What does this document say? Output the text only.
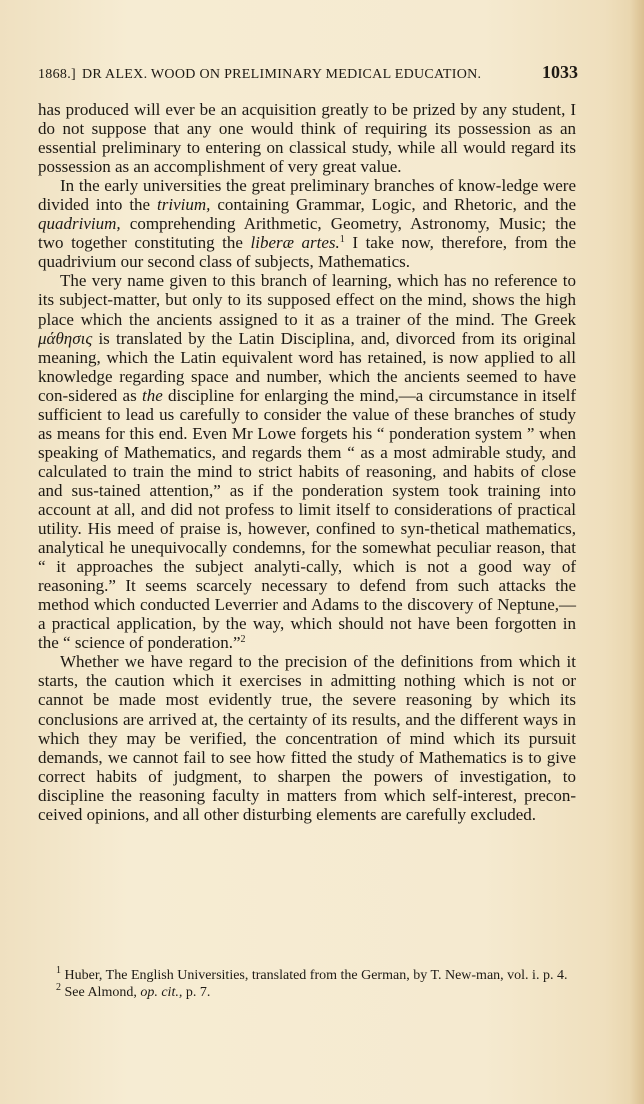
1868.] DR ALEX. WOOD ON PRELIMINARY MEDICAL EDUCATION.	1033

has produced will ever be an acquisition greatly to be prized by any student, I do not suppose that any one would think of requiring its possession as an essential preliminary to entering on classical study, while all would regard its possession as an accomplishment of very great value.

In the early universities the great preliminary branches of know-ledge were divided into the trivium, containing Grammar, Logic, and Rhetoric, and the quadrivium, comprehending Arithmetic, Geometry, Astronomy, Music; the two together constituting the liberæ artes.$^1$ I take now, therefore, from the quadrivium our second class of subjects, Mathematics.

The very name given to this branch of learning, which has no reference to its subject-matter, but only to its supposed effect on the mind, shows the high place which the ancients assigned to it as a trainer of the mind. The Greek μάθησις is translated by the Latin Disciplina, and, divorced from its original meaning, which the Latin equivalent word has retained, is now applied to all knowledge regarding space and number, which the ancients seemed to have con-sidered as the discipline for enlarging the mind,—a circumstance in itself sufficient to lead us carefully to consider the value of these branches of study as means for this end. Even Mr Lowe forgets his “ ponderation system ” when speaking of Mathematics, and regards them “ as a most admirable study, and calculated to train the mind to strict habits of reasoning, and habits of close and sus-tained attention,” as if the ponderation system took training into account at all, and did not profess to limit itself to considerations of practical utility. His meed of praise is, however, confined to syn-thetical mathematics, analytical he unequivocally condemns, for the somewhat peculiar reason, that “ it approaches the subject analyti-cally, which is not a good way of reasoning.” It seems scarcely necessary to defend from such attacks the method which conducted Leverrier and Adams to the discovery of Neptune,—a practical application, by the way, which should not have been forgotten in the “ science of ponderation.”$^2$

Whether we have regard to the precision of the definitions from which it starts, the caution which it exercises in admitting nothing which is not or cannot be made most evidently true, the severe reasoning by which its conclusions are arrived at, the certainty of its results, and the different ways in which they may be verified, the concentration of mind which its pursuit demands, we cannot fail to see how fitted the study of Mathematics is to give correct habits of judgment, to sharpen the powers of investigation, to discipline the reasoning faculty in matters from which self-interest, precon-ceived opinions, and all other disturbing elements are carefully excluded.

$^1$ Huber, The English Universities, translated from the German, by T. New-man, vol. i. p. 4.

$^2$ See Almond, op. cit., p. 7.
